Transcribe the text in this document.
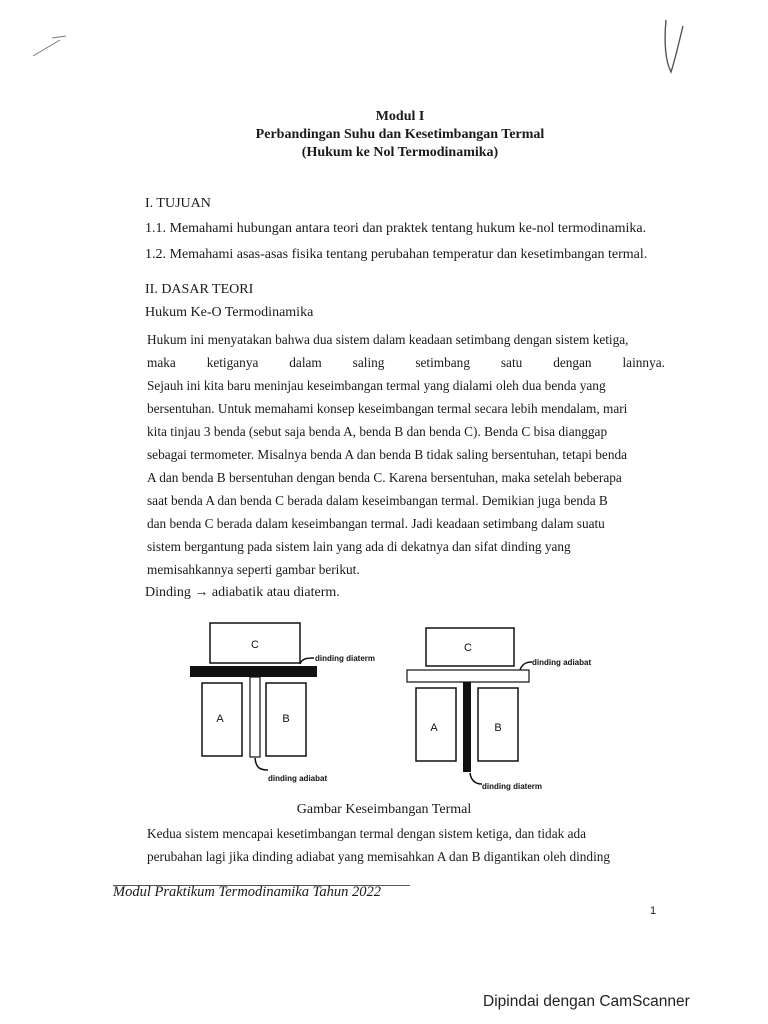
Modul I
Perbandingan Suhu dan Kesetimbangan Termal
(Hukum ke Nol Termodinamika)
I. TUJUAN
1.1. Memahami hubungan antara teori dan praktek tentang hukum ke-nol termodinamika.
1.2. Memahami asas-asas fisika tentang perubahan temperatur dan kesetimbangan termal.
II. DASAR TEORI
Hukum Ke-O Termodinamika
Hukum ini menyatakan bahwa dua sistem dalam keadaan setimbang dengan sistem ketiga,
maka ketiganya dalam saling setimbang satu dengan lainnya.
Sejauh ini kita baru meninjau keseimbangan termal yang dialami oleh dua benda yang
bersentuhan. Untuk memahami konsep keseimbangan termal secara lebih mendalam, mari
kita tinjau 3 benda (sebut saja benda A, benda B dan benda C). Benda C bisa dianggap
sebagai termometer. Misalnya benda A dan benda B tidak saling bersentuhan, tetapi benda
A dan benda B bersentuhan dengan benda C. Karena bersentuhan, maka setelah beberapa
saat benda A dan benda C berada dalam keseimbangan termal. Demikian juga benda B
dan benda C berada dalam keseimbangan termal. Jadi keadaan setimbang dalam suatu
sistem bergantung pada sistem lain yang ada di dekatnya dan sifat dinding yang
memisahkannya seperti gambar berikut.
Dinding → adiabatik atau diaterm.
C
A	B
dinding diaterm
dinding adiabat
C
A	B
dinding adiabat
dinding diaterm
Gambar Keseimbangan Termal
Kedua sistem mencapai kesetimbangan termal dengan sistem ketiga, dan tidak ada
perubahan lagi jika dinding adiabat yang memisahkan A dan B digantikan oleh dinding
Modul Praktikum Termodinamika Tahun 2022
1
Dipindai dengan CamScanner
